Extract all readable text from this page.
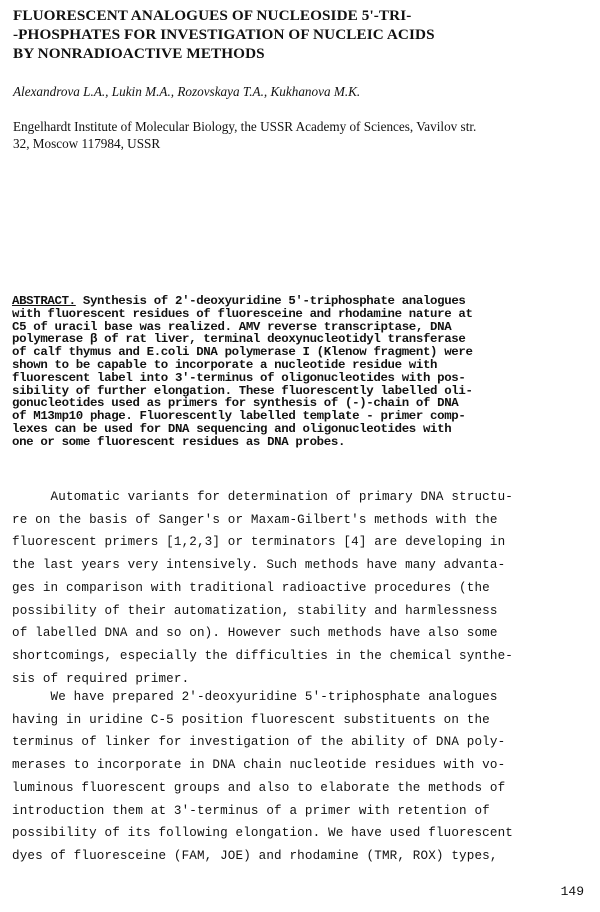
FLUORESCENT ANALOGUES OF NUCLEOSIDE 5'-TRI-
-PHOSPHATES FOR INVESTIGATION OF NUCLEIC ACIDS
BY NONRADIOACTIVE METHODS
Alexandrova L.A., Lukin M.A., Rozovskaya T.A., Kukhanova M.K.
Engelhardt Institute of Molecular Biology, the USSR Academy of Sciences, Vavilov str.
32, Moscow 117984, USSR
ABSTRACT. Synthesis of 2'-deoxyuridine 5'-triphosphate analogues
with fluorescent residues of fluoresceine and rhodamine nature at
C5 of uracil base was realized. AMV reverse transcriptase, DNA
polymerase β of rat liver, terminal deoxynucleotidyl transferase
of calf thymus and E.coli DNA polymerase I (Klenow fragment) were
shown to be capable to incorporate a nucleotide residue with
fluorescent label into 3'-terminus of oligonucleotides with pos-
sibility of further elongation. These fluorescently labelled oli-
gonucleotides used as primers for synthesis of (-)-chain of DNA
of M13mp10 phage. Fluorescently labelled template - primer comp-
lexes can be used for DNA sequencing and oligonucleotides with
one or some fluorescent residues as DNA probes.
Automatic variants for determination of primary DNA structu-
re on the basis of Sanger's or Maxam-Gilbert's methods with the
fluorescent primers [1,2,3] or terminators [4] are developing in
the last years very intensively. Such methods have many advanta-
ges in comparison with traditional radioactive procedures (the
possibility of their automatization, stability and harmlessness
of labelled DNA and so on). However such methods have also some
shortcomings, especially the difficulties in the chemical synthe-
sis of required primer.
We have prepared 2'-deoxyuridine 5'-triphosphate analogues
having in uridine C-5 position fluorescent substituents on the
terminus of linker for investigation of the ability of DNA poly-
merases to incorporate in DNA chain nucleotide residues with vo-
luminous fluorescent groups and also to elaborate the methods of
introduction them at 3'-terminus of a primer with retention of
possibility of its following elongation. We have used fluorescent
dyes of fluoresceine (FAM, JOE) and rhodamine (TMR, ROX) types,
149
